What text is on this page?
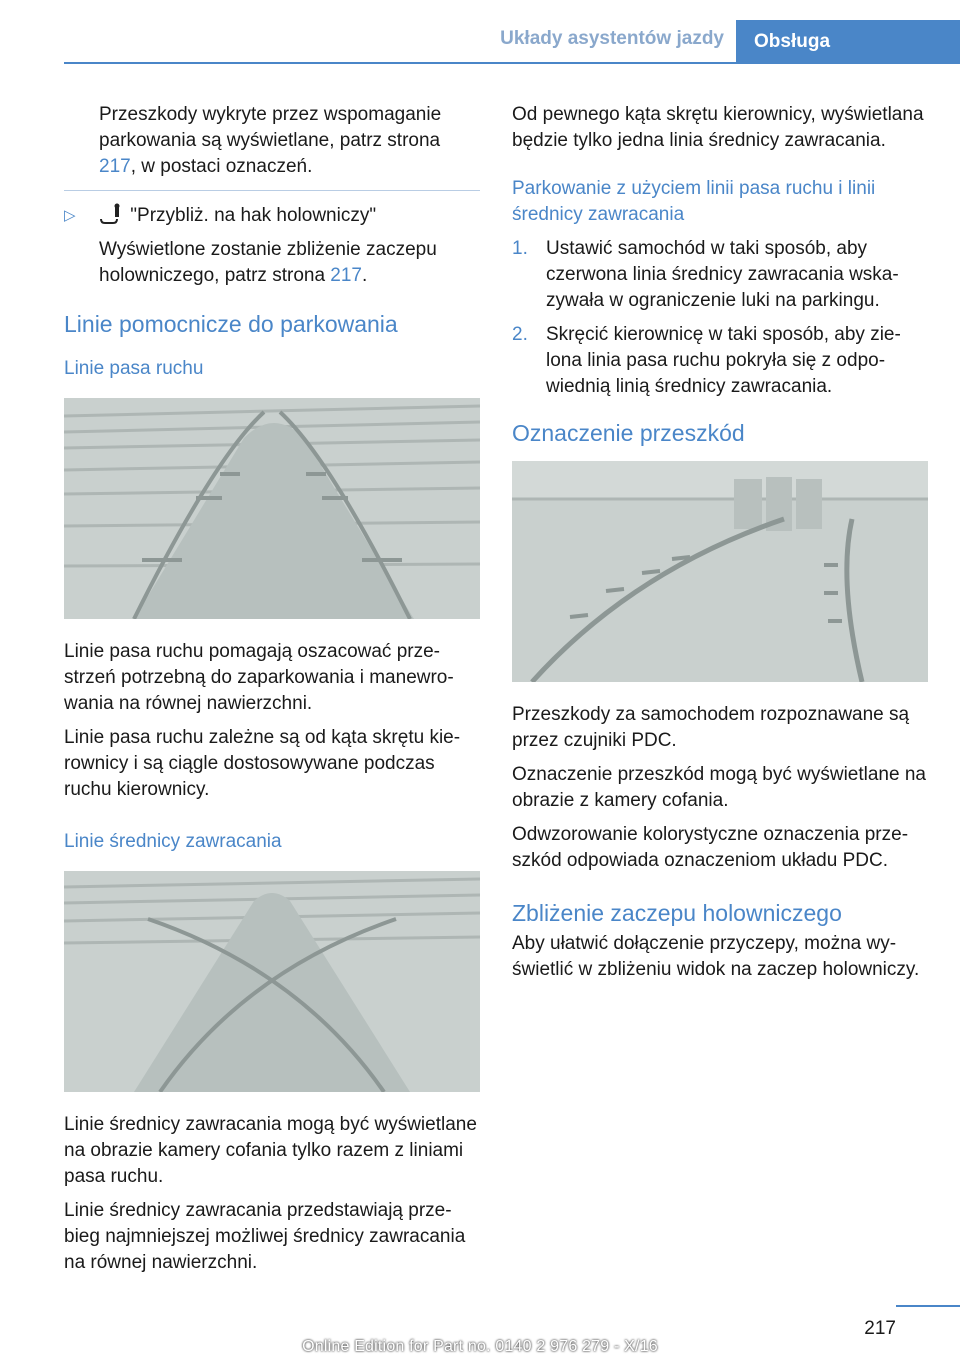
Układy asystentów jazdy	Obsługa

Przeszkody wykryte przez wspomaganie parkowania są wyświetlane, patrz strona 217, w postaci oznaczeń.

▷	"Przybliż. na hak holowniczy"

Wyświetlone zostanie zbliżenie zaczepu holowniczego, patrz strona 217.

Linie pomocnicze do parkowania
Linie pasa ruchu

Linie pasa ruchu pomagają oszacować przestrzeń potrzebną do zaparkowania i manewrowania na równej nawierzchni.

Linie pasa ruchu zależne są od kąta skrętu kierownicy i są ciągle dostosowywane podczas ruchu kierownicy.

Linie średnicy zawracania

Linie średnicy zawracania mogą być wyświetlane na obrazie kamery cofania tylko razem z liniami pasa ruchu.

Linie średnicy zawracania przedstawiają przebieg najmniejszej możliwej średnicy zawracania na równej nawierzchni.

Od pewnego kąta skrętu kierownicy, wyświetlana będzie tylko jedna linia średnicy zawracania.

Parkowanie z użyciem linii pasa ruchu i linii średnicy zawracania
1. Ustawić samochód w taki sposób, aby czerwona linia średnicy zawracania wskazywała w ograniczenie luki na parkingu.
2. Skręcić kierownicę w taki sposób, aby zielona linia pasa ruchu pokryła się z odpowiednią linią średnicy zawracania.
Oznaczenie przeszkód

Przeszkody za samochodem rozpoznawane są przez czujniki PDC.

Oznaczenie przeszkód mogą być wyświetlane na obrazie z kamery cofania.

Odwzorowanie kolorystyczne oznaczenia przeszkód odpowiada oznaczeniom układu PDC.

Zbliżenie zaczepu holowniczego

Aby ułatwić dołączenie przyczepy, można wyświetlić w zbliżeniu widok na zaczep holowniczy.

217
Online Edition for Part no. 0140 2 976 279 - X/16
